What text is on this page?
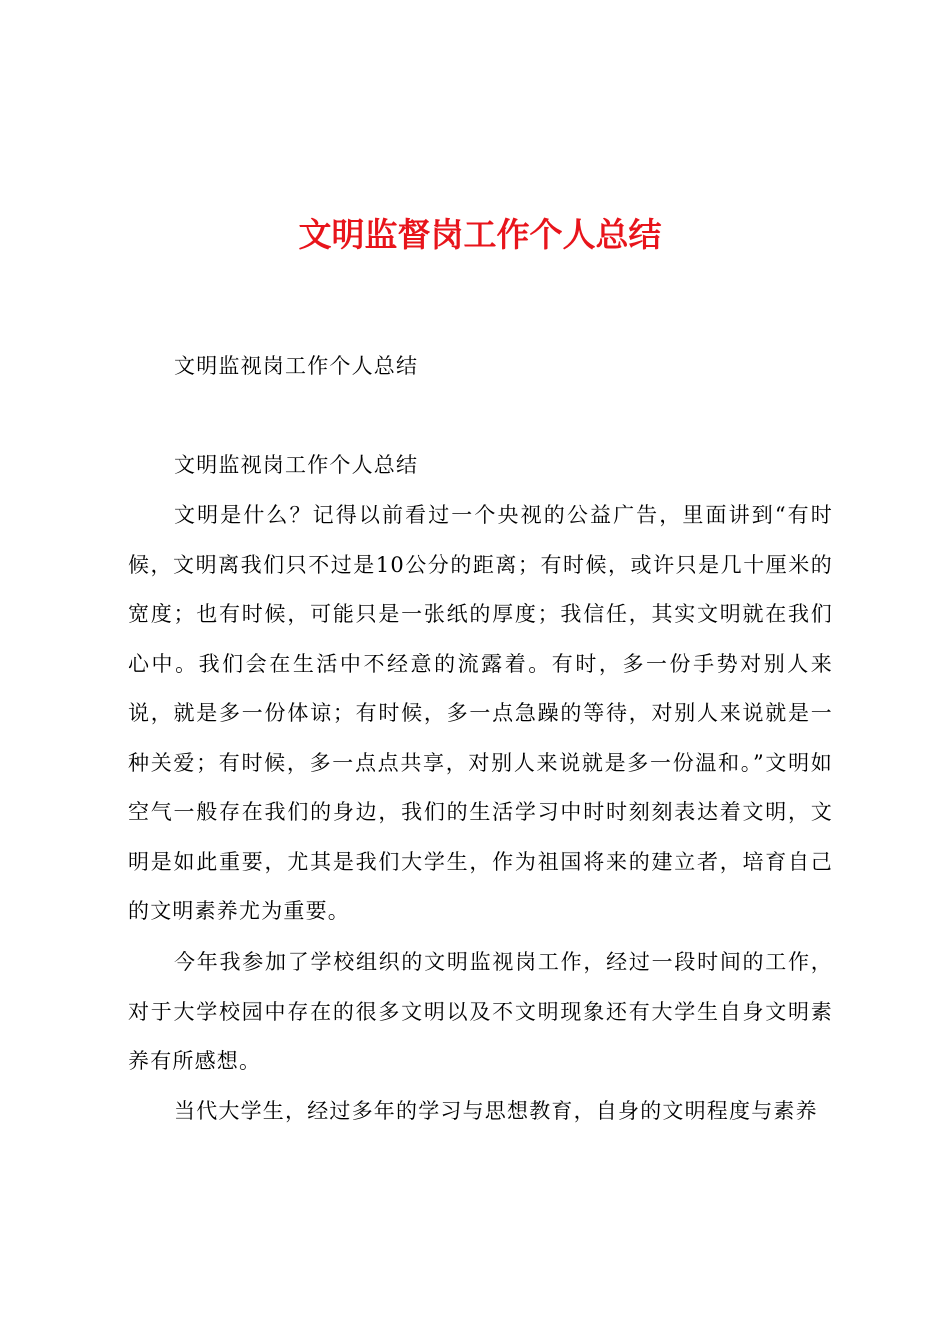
文明监督岗工作个人总结

文明监视岗工作个人总结

文明监视岗工作个人总结

文明是什么？记得以前看过一个央视的公益广告，里面讲到“有时候，文明离我们只不过是10公分的距离；有时候，或许只是几十厘米的宽度；也有时候，可能只是一张纸的厚度；我信任，其实文明就在我们心中。我们会在生活中不经意的流露着。有时，多一份手势对别人来说，就是多一份体谅；有时候，多一点急躁的等待，对别人来说就是一种关爱；有时候，多一点点共享，对别人来说就是多一份温和。”文明如空气一般存在我们的身边，我们的生活学习中时时刻刻表达着文明，文明是如此重要，尤其是我们大学生，作为祖国将来的建立者，培育自己的文明素养尤为重要。

今年我参加了学校组织的文明监视岗工作，经过一段时间的工作，对于大学校园中存在的很多文明以及不文明现象还有大学生自身文明素养有所感想。

当代大学生，经过多年的学习与思想教育，自身的文明程度与素养
